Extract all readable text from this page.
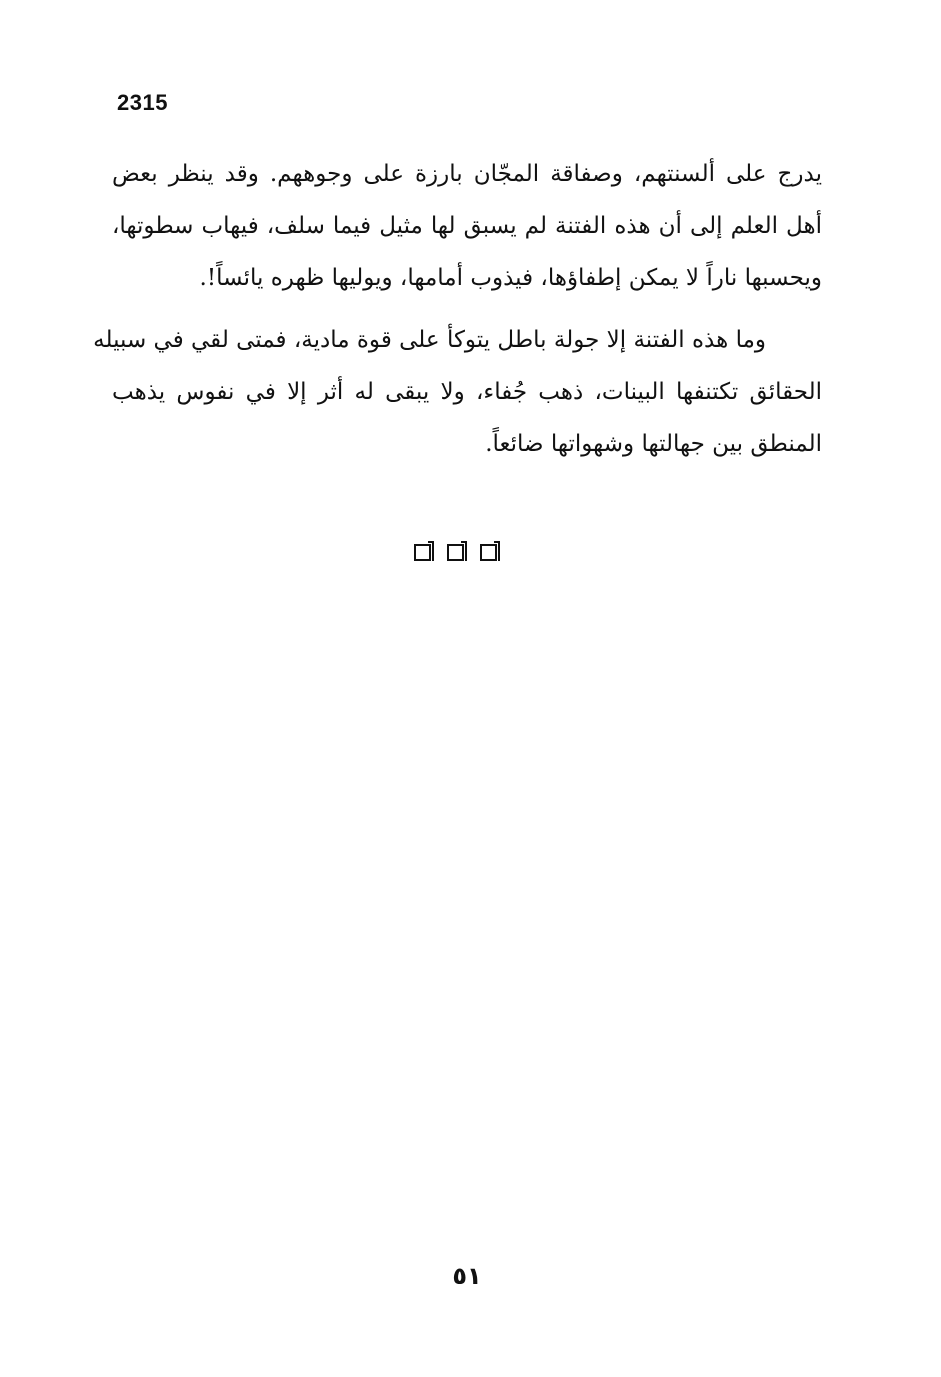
2315

يدرج على ألسنتهم، وصفاقة المجّان بارزة على وجوههم. وقد ينظر بعض
أهل العلم إلى أن هذه الفتنة لم يسبق لها مثيل فيما سلف، فيهاب سطوتها،
ويحسبها ناراً لا يمكن إطفاؤها، فيذوب أمامها، ويوليها ظهره يائساً!.

وما هذه الفتنة إلا جولة باطل يتوكأ على قوة مادية، فمتى لقي في سبيله
الحقائق تكتنفها البينات، ذهب جُفاء، ولا يبقى له أثر إلا في نفوس يذهب
المنطق بين جهالتها وشهواتها ضائعاً.

٥١
